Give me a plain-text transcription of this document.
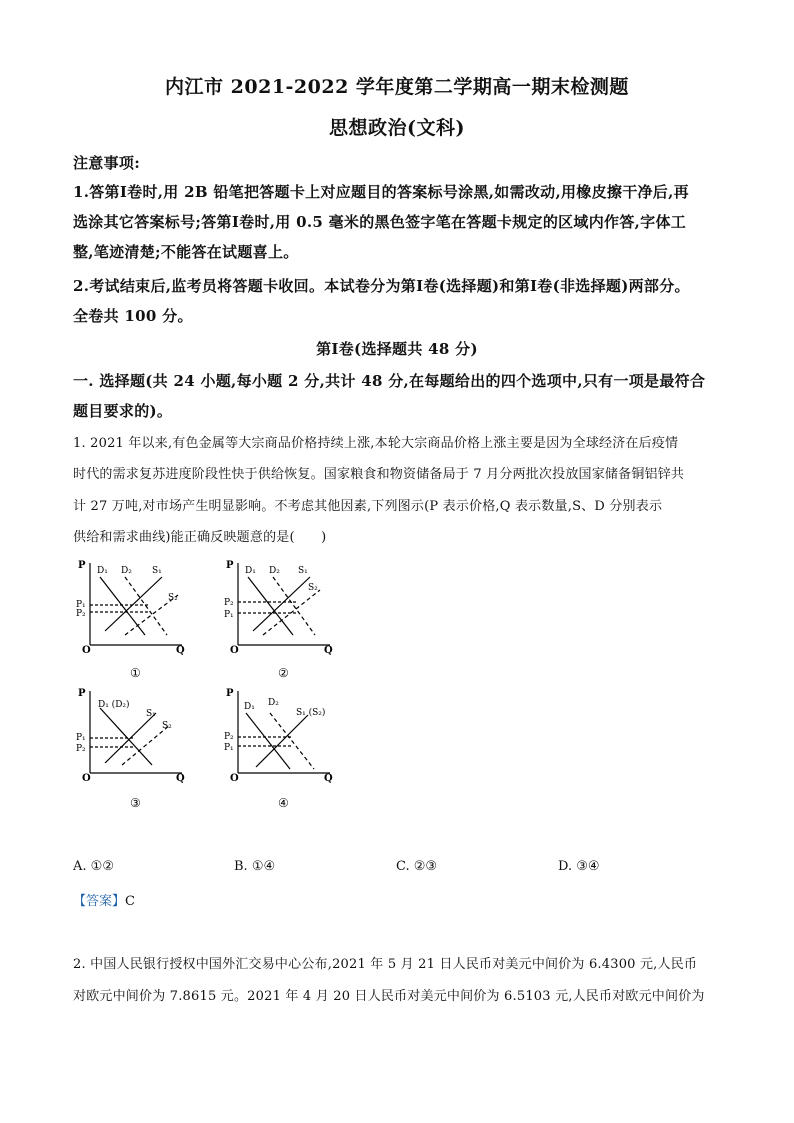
内江市 2021-2022 学年度第二学期高一期末检测题
思想政治(文科)
注意事项:
1.答第Ⅰ卷时,用 2B 铅笔把答题卡上对应题目的答案标号涂黑,如需改动,用橡皮擦干净后,再
选涂其它答案标号;答第Ⅰ卷时,用 0.5 毫米的黑色签字笔在答题卡规定的区域内作答,字体工
整,笔迹清楚;不能答在试题喜上。
2.考试结束后,监考员将答题卡收回。本试卷分为第Ⅰ卷(选择题)和第Ⅰ卷(非选择题)两部分。
全卷共 100 分。
第Ⅰ卷(选择题共 48 分)
一. 选择题(共 24 小题,每小题 2 分,共计 48 分,在每题给出的四个选项中,只有一项是最符合
题目要求的)。
1. 2021 年以来,有色金属等大宗商品价格持续上涨,本轮大宗商品价格上涨主要是因为全球经济在后疫情
时代的需求复苏进度阶段性快于供给恢复。国家粮食和物资储备局于 7 月分两批次投放国家储备铜铝锌共
计 27 万吨,对市场产生明显影响。不考虑其他因素,下列图示(P 表示价格,Q 表示数量,S、D 分别表示
供给和需求曲线)能正确反映题意的是(　　)
P
O	Q
D₁ D₂ S₁
S₂
P₁
P₂
①
P
O	Q
D₁ D₂ S₁
S₂
P₂
P₁
②
P
O	Q
D₁ (D₂)
S₁
S₂
P₁
P₂
③
P
O	Q
D₁ D₂
S₁ (S₂)
P₂
P₁
④
A. ①②	B. ①④	C. ②③	D. ③④
【答案】C
2. 中国人民银行授权中国外汇交易中心公布,2021 年 5 月 21 日人民币对美元中间价为 6.4300 元,人民币
对欧元中间价为 7.8615 元。2021 年 4 月 20 日人民币对美元中间价为 6.5103 元,人民币对欧元中间价为
